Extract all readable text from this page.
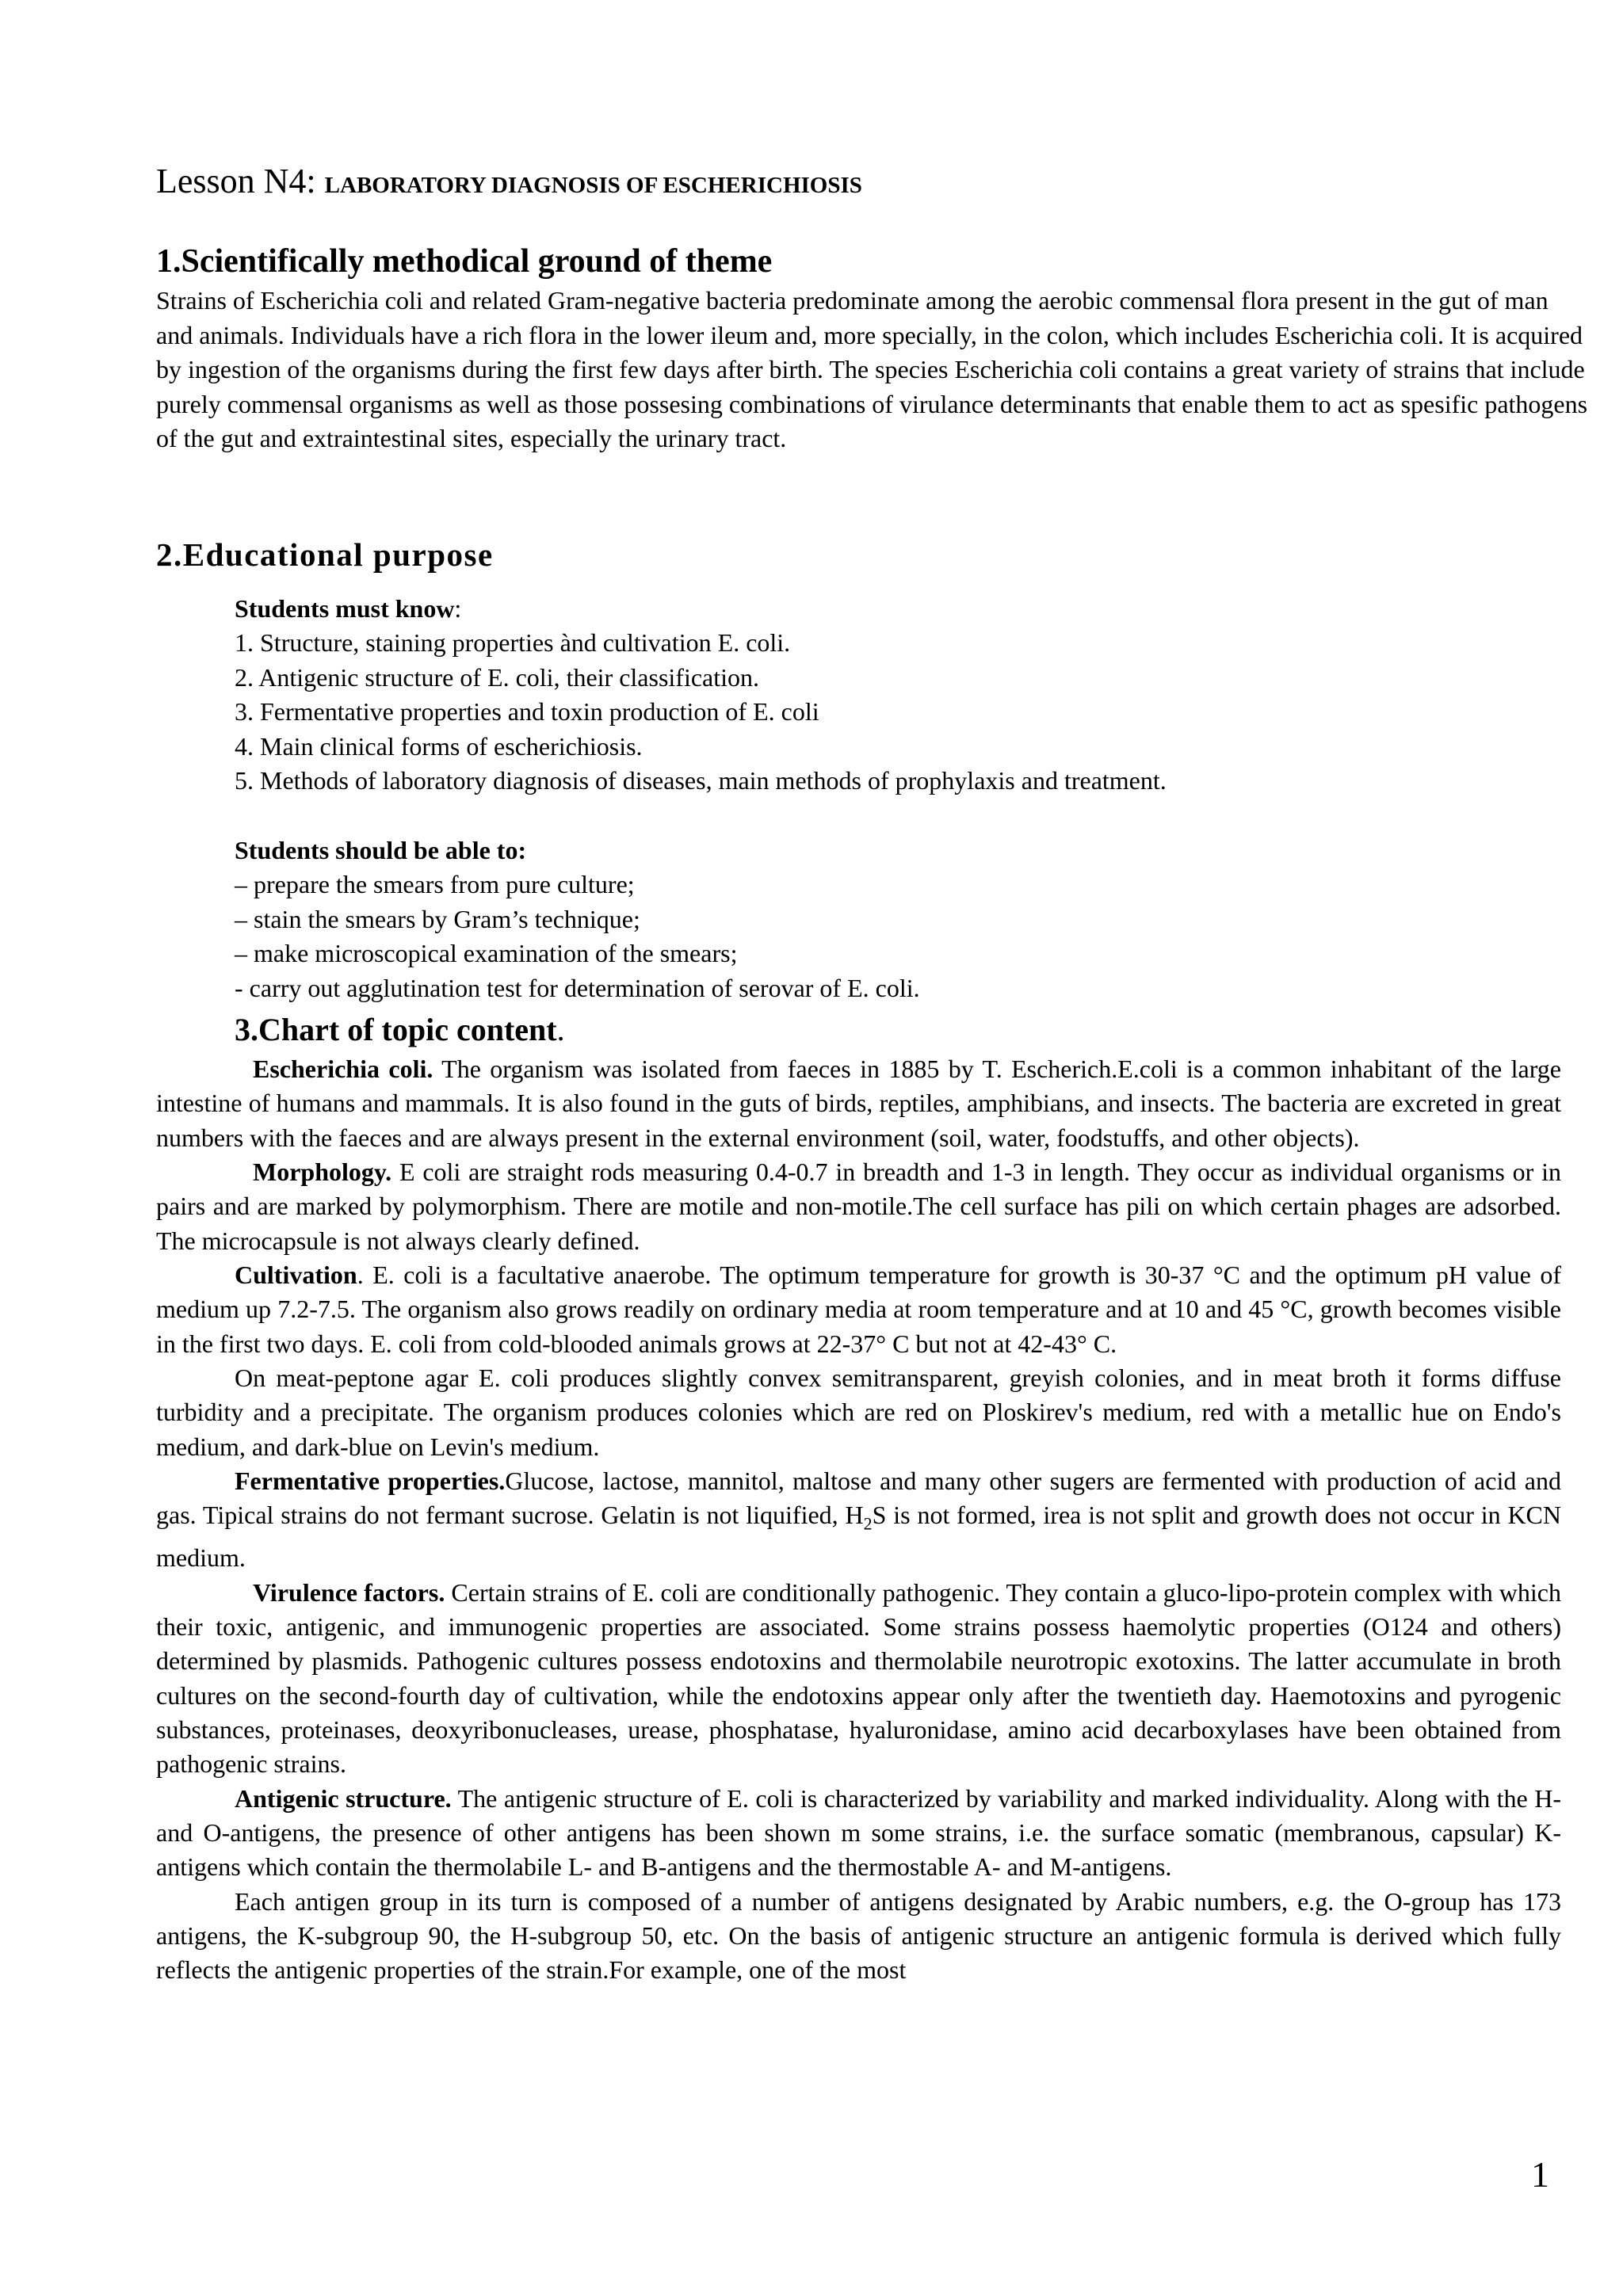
Lesson N4: LABORATORY DIAGNOSIS OF ESCHERICHIOSIS
1.Scientifically methodical ground of theme

Strains of Escherichia coli and related Gram-negative bacteria predominate among the aerobic commensal flora present in the gut of man and animals. Individuals have a rich flora in the lower ileum and, more specially, in the colon, which includes Escherichia coli. It is acquired by ingestion of the organisms during the first few days after birth. The species Escherichia coli contains a great variety of strains that include purely commensal organisms as well as those possesing combinations of virulance determinants that enable them to act as spesific pathogens of the gut and extraintestinal sites, especially the urinary tract.

2.Educational purpose
Students must know:
1. Structure, staining properties ànd cultivation E. coli.
2. Antigenic structure of E. coli, their classification.
3. Fermentative properties and toxin production of E. coli
4. Main clinical forms of escherichiosis.
5. Methods of laboratory diagnosis of diseases, main methods of prophylaxis and treatment.
Students should be able to:
– prepare the smears from pure culture;
– stain the smears by Gram’s technique;
– make microscopical examination of the smears;
- carry out agglutination test for determination of serovar of E. coli.
3.Chart of topic content.

Escherichia coli. The organism was isolated from faeces in 1885 by T. Escherich.E.coli is a common inhabitant of the large intestine of humans and mammals. It is also found in the guts of birds, reptiles, amphibians, and insects. The bacteria are excreted in great numbers with the faeces and are always present in the external environment (soil, water, foodstuffs, and other objects).

Morphology. E coli are straight rods measuring 0.4-0.7 in breadth and 1-3 in length. They occur as individual organisms or in pairs and are marked by polymorphism. There are motile and non-motile.The cell surface has pili on which certain phages are adsorbed. The microcapsule is not always clearly defined.

Cultivation. E. coli is a facultative anaerobe. The optimum temperature for growth is 30-37 °C and the optimum pH value of medium up 7.2-7.5. The organism also grows readily on ordinary media at room temperature and at 10 and 45 °C, growth becomes visible in the first two days. E. coli from cold-blooded animals grows at 22-37° C but not at 42-43° C.

On meat-peptone agar E. coli produces slightly convex semitransparent, greyish colonies, and in meat broth it forms diffuse turbidity and a precipitate. The organism produces colonies which are red on Ploskirev's medium, red with a metallic hue on Endo's medium, and dark-blue on Levin's medium.

Fermentative properties.Glucose, lactose, mannitol, maltose and many other sugers are fermented with production of acid and gas. Tipical strains do not fermant sucrose. Gelatin is not liquified, $H_2S$ is not formed, irea is not split and growth does not occur in KCN medium.

Virulence factors. Certain strains of E. coli are conditionally pathogenic. They contain a gluco-lipo-protein complex with which their toxic, antigenic, and immunogenic properties are associated. Some strains possess haemolytic properties (O124 and others) determined by plasmids. Pathogenic cultures possess endotoxins and thermolabile neurotropic exotoxins. The latter accumulate in broth cultures on the second-fourth day of cultivation, while the endotoxins appear only after the twentieth day. Haemotoxins and pyrogenic substances, proteinases, deoxyribonucleases, urease, phosphatase, hyaluronidase, amino acid decarboxylases have been obtained from pathogenic strains.

Antigenic structure. The antigenic structure of E. coli is characterized by variability and marked individuality. Along with the H- and O-antigens, the presence of other antigens has been shown m some strains, i.e. the surface somatic (membranous, capsular) K-antigens which contain the thermolabile L- and B-antigens and the thermostable A- and M-antigens.

Each antigen group in its turn is composed of a number of antigens designated by Arabic numbers, e.g. the O-group has 173 antigens, the K-subgroup 90, the H-subgroup 50, etc. On the basis of antigenic structure an antigenic formula is derived which fully reflects the antigenic properties of the strain.For example, one of the most

1
